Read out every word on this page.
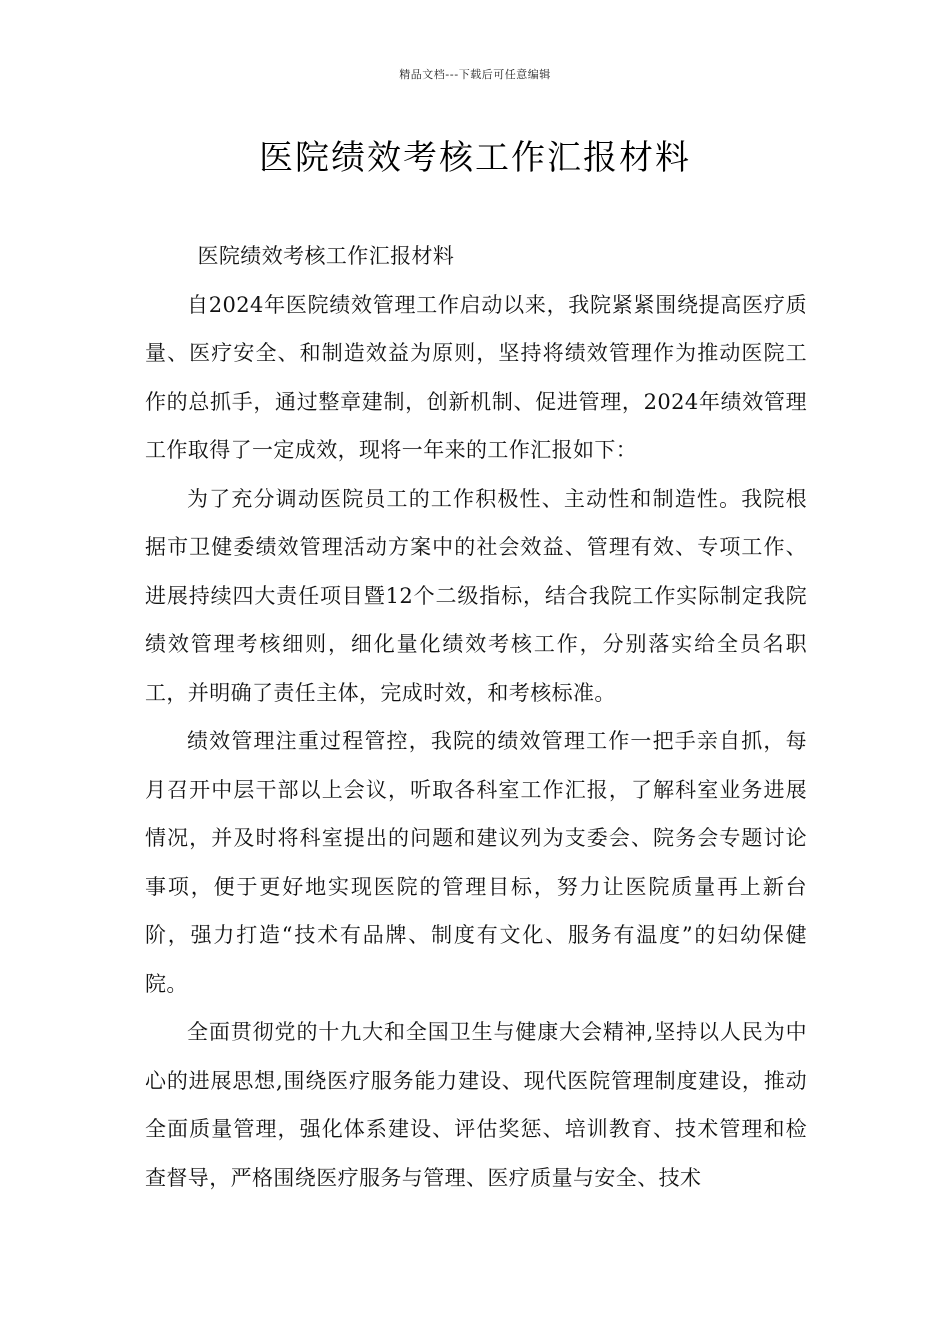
精品文档---下载后可任意编辑
医院绩效考核工作汇报材料

医院绩效考核工作汇报材料

自2024年医院绩效管理工作启动以来，我院紧紧围绕提高医疗质量、医疗安全、和制造效益为原则，坚持将绩效管理作为推动医院工作的总抓手，通过整章建制，创新机制、促进管理，2024年绩效管理工作取得了一定成效，现将一年来的工作汇报如下：

为了充分调动医院员工的工作积极性、主动性和制造性。我院根据市卫健委绩效管理活动方案中的社会效益、管理有效、专项工作、进展持续四大责任项目暨12个二级指标，结合我院工作实际制定我院绩效管理考核细则，细化量化绩效考核工作，分别落实给全员名职工，并明确了责任主体，完成时效，和考核标准。

绩效管理注重过程管控，我院的绩效管理工作一把手亲自抓，每月召开中层干部以上会议，听取各科室工作汇报，了解科室业务进展情况，并及时将科室提出的问题和建议列为支委会、院务会专题讨论事项，便于更好地实现医院的管理目标，努力让医院质量再上新台阶，强力打造“技术有品牌、制度有文化、服务有温度”的妇幼保健院。

全面贯彻党的十九大和全国卫生与健康大会精神,坚持以人民为中心的进展思想,围绕医疗服务能力建设、现代医院管理制度建设，推动全面质量管理，强化体系建设、评估奖惩、培训教育、技术管理和检查督导，严格围绕医疗服务与管理、医疗质量与安全、技术
